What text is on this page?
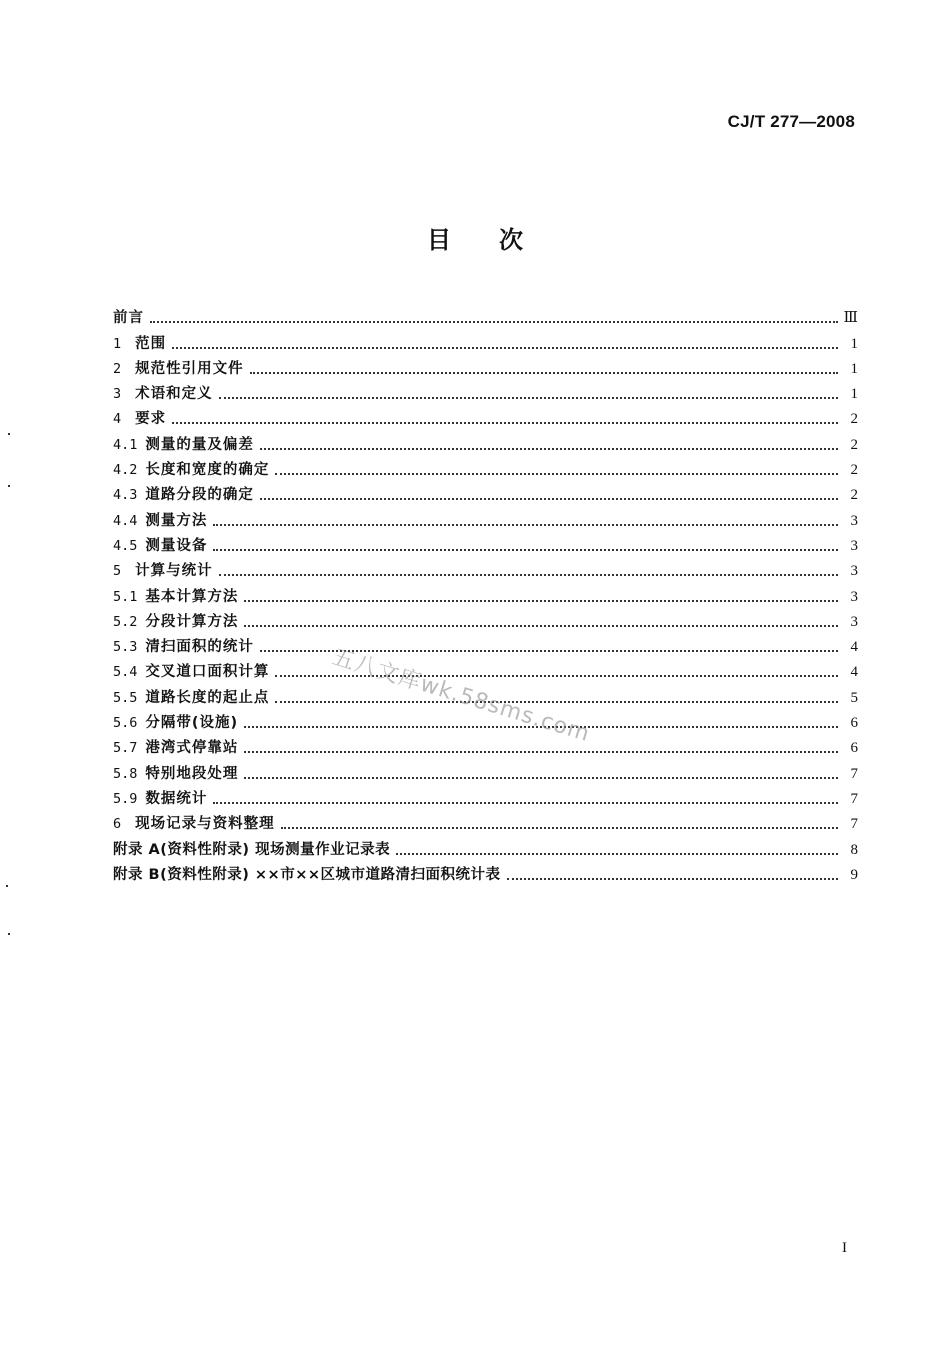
CJ/T 277—2008
目 次
前言	Ⅲ
1 范围	1
2 规范性引用文件	1
3 术语和定义	1
4 要求	2
4.1 测量的量及偏差	2
4.2 长度和宽度的确定	2
4.3 道路分段的确定	2
4.4 测量方法	3
4.5 测量设备	3
5 计算与统计	3
5.1 基本计算方法	3
5.2 分段计算方法	3
5.3 清扫面积的统计	4
5.4 交叉道口面积计算	4
5.5 道路长度的起止点	5
5.6 分隔带(设施)	6
5.7 港湾式停靠站	6
5.8 特别地段处理	7
5.9 数据统计	7
6 现场记录与资料整理	7
附录 A(资料性附录) 现场测量作业记录表	8
附录 B(资料性附录) ××市××区城市道路清扫面积统计表	9
五八文库wk.58sms.com
I
